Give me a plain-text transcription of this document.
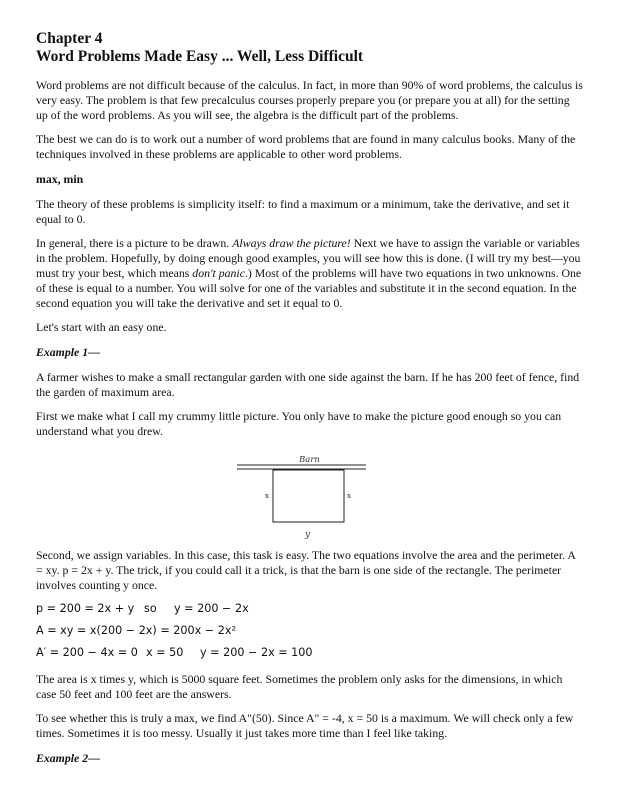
Chapter 4
Word Problems Made Easy ... Well, Less Difficult

Word problems are not difficult because of the calculus. In fact, in more than 90% of word problems, the calculus is very easy. The problem is that few precalculus courses properly prepare you (or prepare you at all) for the setting up of the word problems. As you will see, the algebra is the difficult part of the problems.

The best we can do is to work out a number of word problems that are found in many calculus books. Many of the techniques involved in these problems are applicable to other word problems.

max, min

The theory of these problems is simplicity itself: to find a maximum or a minimum, take the derivative, and set it equal to 0.

In general, there is a picture to be drawn. Always draw the picture! Next we have to assign the variable or variables in the problem. Hopefully, by doing enough good examples, you will see how this is done. (I will try my best—you must try your best, which means don't panic.) Most of the problems will have two equations in two unknowns. One of these is equal to a number. You will solve for one of the variables and substitute it in the second equation. In the second equation you will take the derivative and set it equal to 0.

Let's start with an easy one.

Example 1—

A farmer wishes to make a small rectangular garden with one side against the barn. If he has 200 feet of fence, find the garden of maximum area.

First we make what I call my crummy little picture. You only have to make the picture good enough so you can understand what you drew.

Barn
x	x
y

Second, we assign variables. In this case, this task is easy. The two equations involve the area and the perimeter. A = xy. p = 2x + y. The trick, if you could call it a trick, is that the barn is one side of the rectangle. The perimeter involves counting y once.

p = 200 = 2x + y so y = 200 − 2x
A = xy = x(200 − 2x) = 200x − 2x²
A′ = 200 − 4x = 0 x = 50 y = 200 − 2x = 100

The area is x times y, which is 5000 square feet. Sometimes the problem only asks for the dimensions, in which case 50 feet and 100 feet are the answers.

To see whether this is truly a max, we find A"(50). Since A" = -4, x = 50 is a maximum. We will check only a few times. Sometimes it is too messy. Usually it just takes more time than I feel like taking.

Example 2—
